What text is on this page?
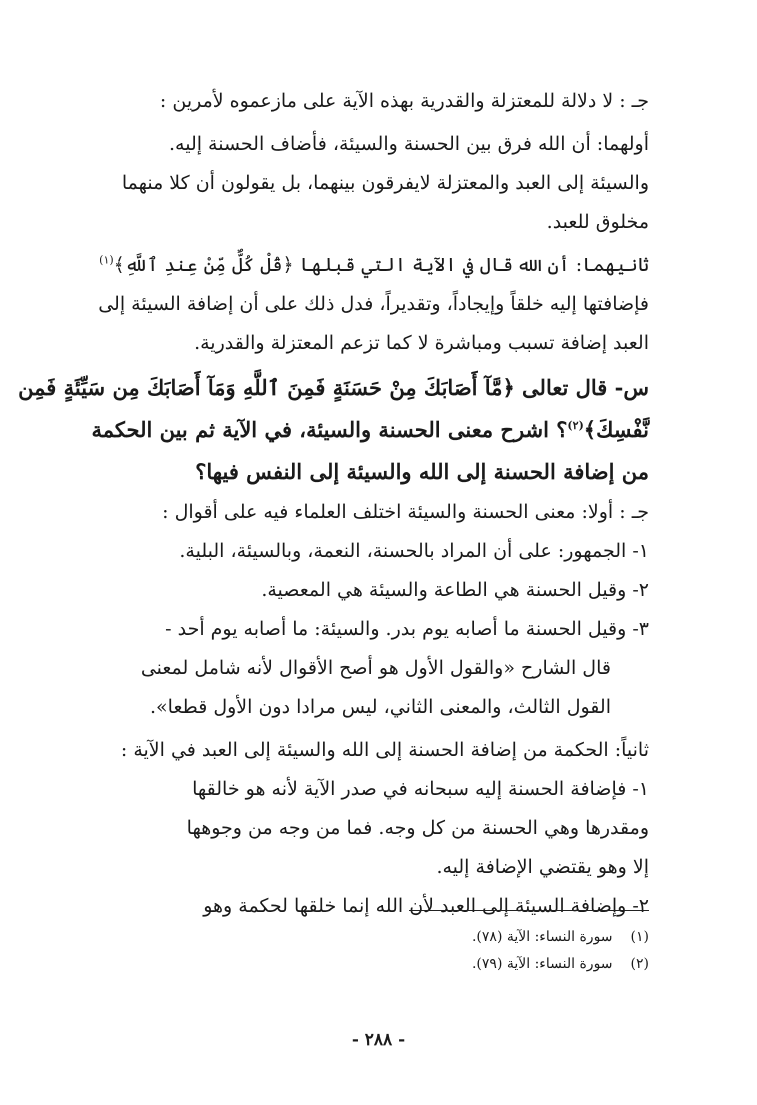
جـ : لا دلالة للمعتزلة والقدرية بهذه الآية على مازعموه لأمرين :
أولهما: أن الله فرق بين الحسنة والسيئة، فأضاف الحسنة إليه.
والسيئة إلى العبد والمعتزلة لايفرقون بينهما، بل يقولون أن كلا منهما
مخلوق للعبد.
ثانيهما: أن الله قال في الآية التي قبلها ﴿قُلْ كُلٌّ مِّنْ عِندِ ٱللَّهِ﴾$^{(١)}$
فإضافتها إليه خلقاً وإيجاداً، وتقديراً، فدل ذلك على أن إضافة السيئة إلى
العبد إضافة تسبب ومباشرة لا كما تزعم المعتزلة والقدرية.
س- قال تعالى ﴿مَّآ أَصَابَكَ مِنْ حَسَنَةٍ فَمِنَ ٱللَّهِ وَمَآ أَصَابَكَ مِن سَيِّئَةٍ فَمِن
نَّفْسِكَ﴾$^{(٢)}$؟ اشرح معنى الحسنة والسيئة، في الآية ثم بين الحكمة
من إضافة الحسنة إلى الله والسيئة إلى النفس فيها؟
جـ : أولا: معنى الحسنة والسيئة اختلف العلماء فيه على أقوال :
١- الجمهور: على أن المراد بالحسنة، النعمة، وبالسيئة، البلية.
٢- وقيل الحسنة هي الطاعة والسيئة هي المعصية.
٣- وقيل الحسنة ما أصابه يوم بدر. والسيئة: ما أصابه يوم أحد -
قال الشارح «والقول الأول هو أصح الأقوال لأنه شامل لمعنى
القول الثالث، والمعنى الثاني، ليس مرادا دون الأول قطعا».
ثانياً: الحكمة من إضافة الحسنة إلى الله والسيئة إلى العبد في الآية :
١- فإضافة الحسنة إليه سبحانه في صدر الآية لأنه هو خالقها
ومقدرها وهي الحسنة من كل وجه. فما من وجه من وجوهها
إلا وهو يقتضي الإضافة إليه.
٢- وإضافة السيئة إلى العبد لأن الله إنما خلقها لحكمة وهو
(١) سورة النساء: الآية (٧٨).
(٢) سورة النساء: الآية (٧٩).
- ٢٨٨ -
